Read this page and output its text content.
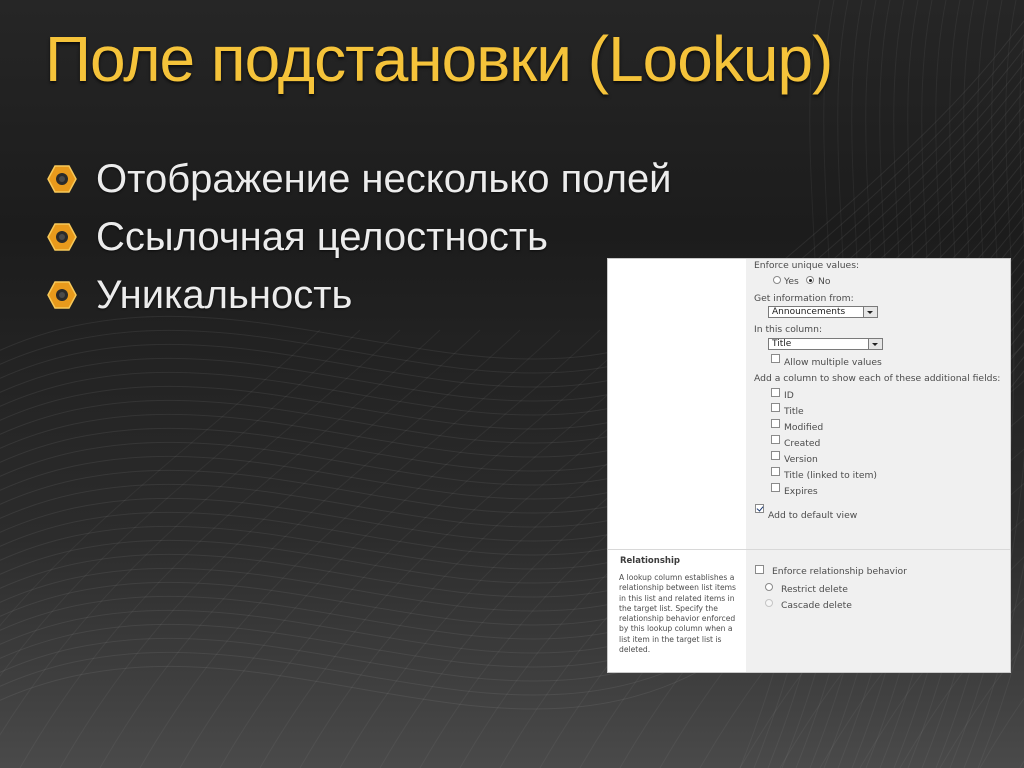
Поле подстановки (Lookup)
Отображение несколько полей
Ссылочная целостность
Уникальность
Enforce unique values:
Yes No
Get information from:
Announcements
In this column:
Title
Allow multiple values
Add a column to show each of these additional fields:
ID
Title
Modified
Created
Version
Title (linked to item)
Expires
Add to default view
Relationship
A lookup column establishes a relationship between list items in this list and related items in the target list. Specify the relationship behavior enforced by this lookup column when a list item in the target list is deleted.
Enforce relationship behavior
Restrict delete
Cascade delete
